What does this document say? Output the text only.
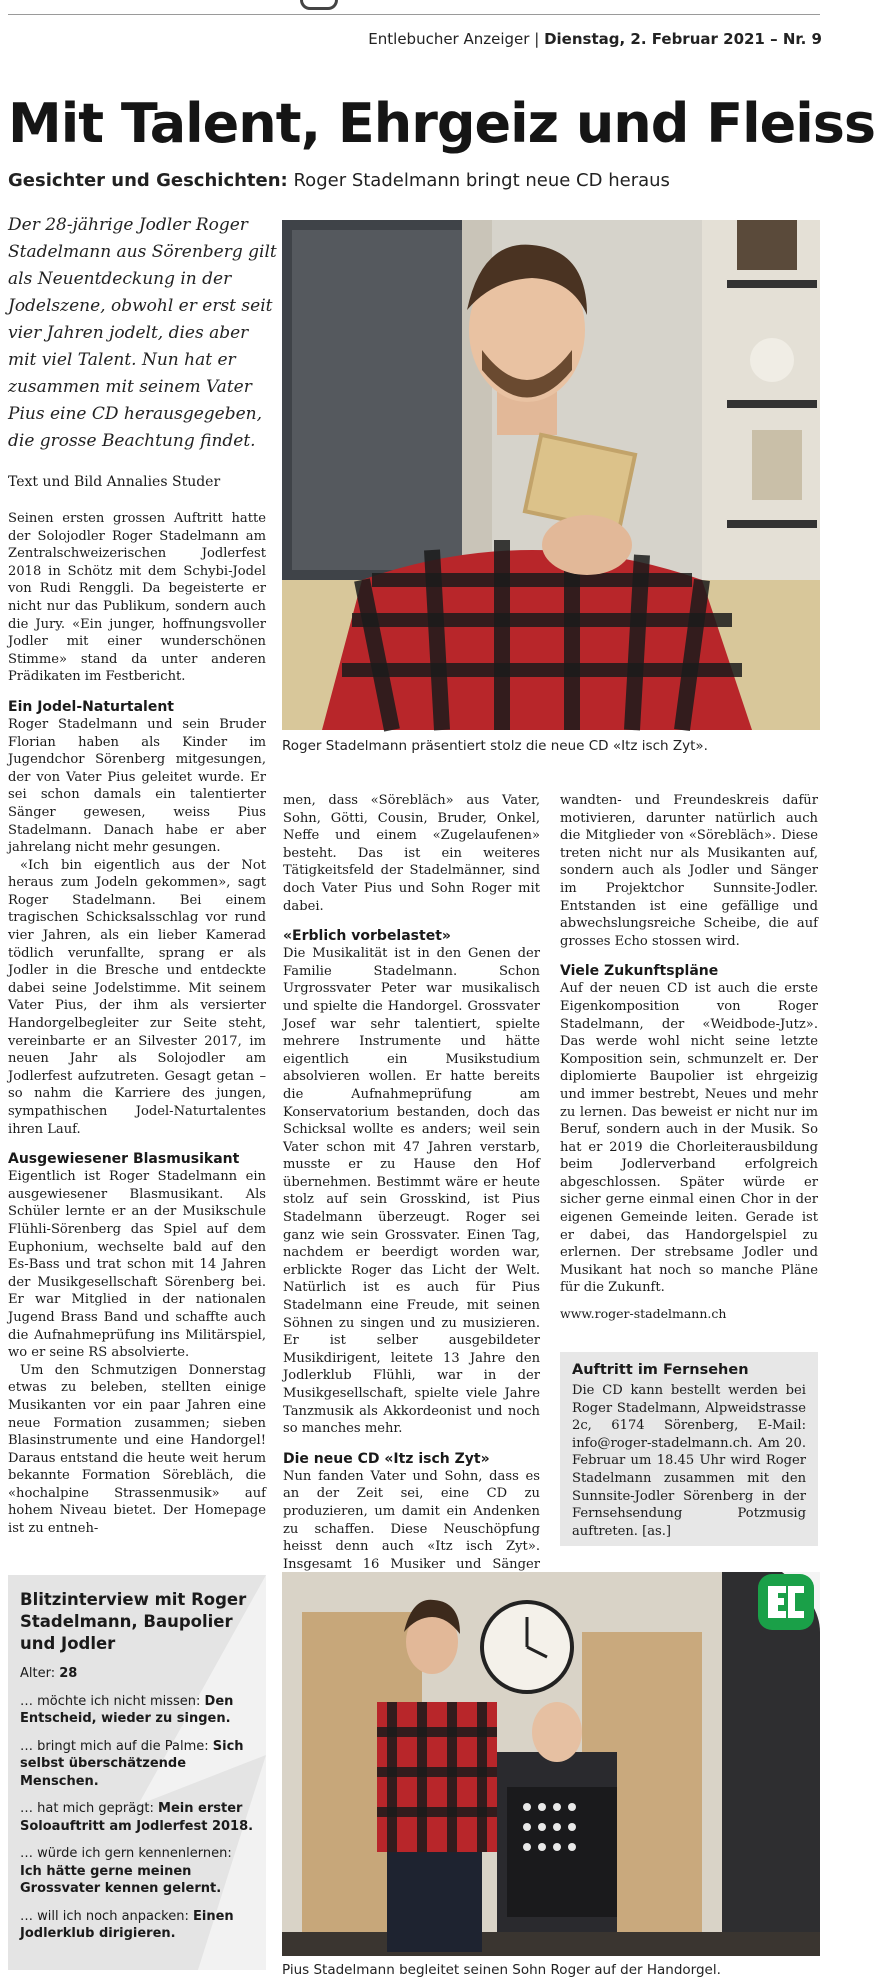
Entlebucher Anzeiger | Dienstag, 2. Februar 2021 – Nr. 9
Mit Talent, Ehrgeiz und Fleiss
Gesichter und Geschichten: Roger Stadelmann bringt neue CD heraus
Der 28-jährige Jodler Roger Stadelmann aus Sörenberg gilt als Neuentdeckung in der Jodelszene, obwohl er erst seit vier Jahren jodelt, dies aber mit viel Talent. Nun hat er zusammen mit seinem Vater Pius eine CD herausgegeben, die grosse Beachtung findet.
Text und Bild Annalies Studer
Roger Stadelmann präsentiert stolz die neue CD «Itz isch Zyt».

Seinen ersten grossen Auftritt hatte der Solojodler Roger Stadelmann am Zentralschweizerischen Jodlerfest 2018 in Schötz mit dem Schybi-Jodel von Rudi Renggli. Da begeisterte er nicht nur das Publikum, sondern auch die Jury. «Ein junger, hoffnungsvoller Jodler mit einer wunderschönen Stimme» stand da unter anderen Prädikaten im Festbericht.

Ein Jodel-Naturtalent

Roger Stadelmann und sein Bruder Florian haben als Kinder im Jugendchor Sörenberg mitgesungen, der von Vater Pius geleitet wurde. Er sei schon damals ein talentierter Sänger gewesen, weiss Pius Stadelmann. Danach habe er aber jahrelang nicht mehr gesungen.

«Ich bin eigentlich aus der Not heraus zum Jodeln gekommen», sagt Roger Stadelmann. Bei einem tragischen Schicksalsschlag vor rund vier Jahren, als ein lieber Kamerad tödlich verunfallte, sprang er als Jodler in die Bresche und entdeckte dabei seine Jodelstimme. Mit seinem Vater Pius, der ihm als versierter Handorgelbegleiter zur Seite steht, vereinbarte er an Silvester 2017, im neuen Jahr als Solojodler am Jodlerfest aufzutreten. Gesagt getan – so nahm die Karriere des jungen, sympathischen Jodel-Naturtalentes ihren Lauf.

Ausgewiesener Blasmusikant

Eigentlich ist Roger Stadelmann ein ausgewiesener Blasmusikant. Als Schüler lernte er an der Musikschule Flühli-Sörenberg das Spiel auf dem Euphonium, wechselte bald auf den Es-Bass und trat schon mit 14 Jahren der Musikgesellschaft Sörenberg bei. Er war Mitglied in der nationalen Jugend Brass Band und schaffte auch die Aufnahmeprüfung ins Militärspiel, wo er seine RS absolvierte.

Um den Schmutzigen Donnerstag etwas zu beleben, stellten einige Musikanten vor ein paar Jahren eine neue Formation zusammen; sieben Blasinstrumente und eine Handorgel! Daraus entstand die heute weit herum bekannte Formation Sörebläch, die «hochalpine Strassenmusik» auf hohem Niveau bietet. Der Homepage ist zu entneh-

men, dass «Sörebläch» aus Vater, Sohn, Götti, Cousin, Bruder, Onkel, Neffe und einem «Zugelaufenen» besteht. Das ist ein weiteres Tätigkeitsfeld der Stadelmänner, sind doch Vater Pius und Sohn Roger mit dabei.

«Erblich vorbelastet»

Die Musikalität ist in den Genen der Familie Stadelmann. Schon Urgrossvater Peter war musikalisch und spielte die Handorgel. Grossvater Josef war sehr talentiert, spielte mehrere Instrumente und hätte eigentlich ein Musikstudium absolvieren wollen. Er hatte bereits die Aufnahmeprüfung am Konservatorium bestanden, doch das Schicksal wollte es anders; weil sein Vater schon mit 47 Jahren verstarb, musste er zu Hause den Hof übernehmen. Bestimmt wäre er heute stolz auf sein Grosskind, ist Pius Stadelmann überzeugt. Roger sei ganz wie sein Grossvater. Einen Tag, nachdem er beerdigt worden war, erblickte Roger das Licht der Welt. Natürlich ist es auch für Pius Stadelmann eine Freude, mit seinen Söhnen zu singen und zu musizieren. Er ist selber ausgebildeter Musikdirigent, leitete 13 Jahre den Jodlerklub Flühli, war in der Musikgesellschaft, spielte viele Jahre Tanzmusik als Akkordeonist und noch so manches mehr.

Die neue CD «Itz isch Zyt»

Nun fanden Vater und Sohn, dass es an der Zeit sei, eine CD zu produzieren, um damit ein Andenken zu schaffen. Diese Neuschöpfung heisst denn auch «Itz isch Zyt». Insgesamt 16 Musiker und Sänger

wandten- und Freundeskreis dafür motivieren, darunter natürlich auch die Mitglieder von «Sörebläch». Diese treten nicht nur als Musikanten auf, sondern auch als Jodler und Sänger im Projektchor Sunnsite-Jodler. Entstanden ist eine gefällige und abwechslungsreiche Scheibe, die auf grosses Echo stossen wird.

Viele Zukunftspläne

Auf der neuen CD ist auch die erste Eigenkomposition von Roger Stadelmann, der «Weidbode-Jutz». Das werde wohl nicht seine letzte Komposition sein, schmunzelt er. Der diplomierte Baupolier ist ehrgeizig und immer bestrebt, Neues und mehr zu lernen. Das beweist er nicht nur im Beruf, sondern auch in der Musik. So hat er 2019 die Chorleiterausbildung beim Jodlerverband erfolgreich abgeschlossen. Später würde er sicher gerne einmal einen Chor in der eigenen Gemeinde leiten. Gerade ist er dabei, das Handorgelspiel zu erlernen. Der strebsame Jodler und Musikant hat noch so manche Pläne für die Zukunft.

www.roger-stadelmann.ch

Auftritt im Fernsehen

Die CD kann bestellt werden bei Roger Stadelmann, Alpweidstrasse 2c, 6174 Sörenberg, E-Mail: info@roger-stadelmann.ch. Am 20. Februar um 18.45 Uhr wird Roger Stadelmann zusammen mit den Sunnsite-Jodler Sörenberg in der Fernsehsendung Potzmusig auftreten. [as.]

Blitzinterview mit Roger Stadelmann, Baupolier und Jodler
Alter: 28
… möchte ich nicht missen: Den Entscheid, wieder zu singen.
… bringt mich auf die Palme: Sich selbst überschätzende Menschen.
… hat mich geprägt: Mein erster Soloauftritt am Jodlerfest 2018.
… würde ich gern kennenlernen: Ich hätte gerne meinen Grossvater kennen gelernt.
… will ich noch anpacken: Einen Jodlerklub dirigieren.
Pius Stadelmann begleitet seinen Sohn Roger auf der Handorgel.
